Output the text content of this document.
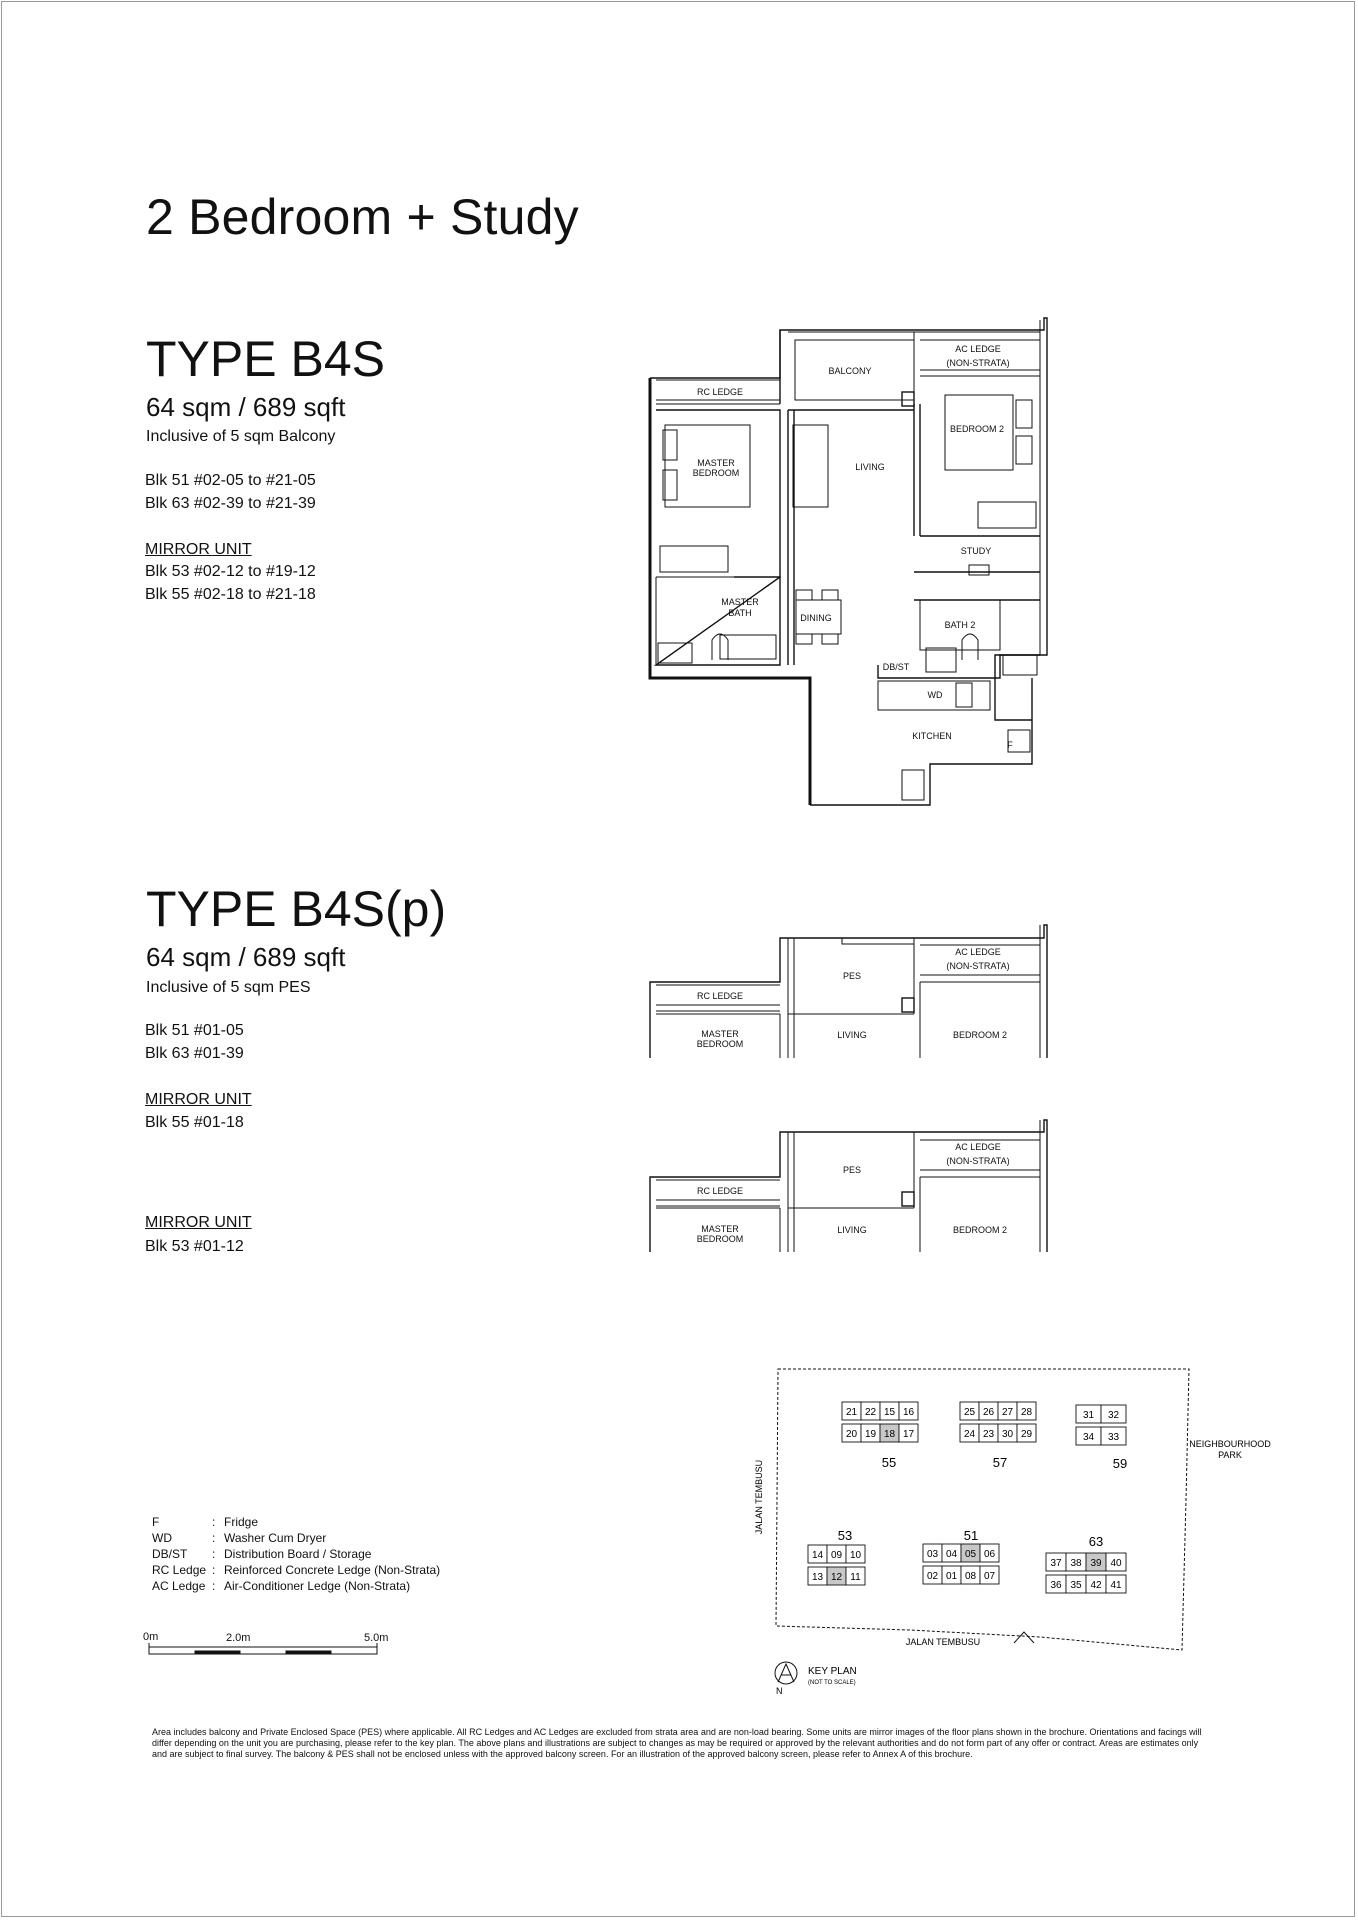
2 Bedroom + Study
TYPE B4S
64 sqm / 689 sqft
Inclusive of 5 sqm Balcony
Blk 51 #02-05 to #21-05
Blk 63 #02-39 to #21-39
MIRROR UNIT
Blk 53 #02-12 to #19-12
Blk 55 #02-18 to #21-18
TYPE B4S(p)
64 sqm / 689 sqft
Inclusive of 5 sqm PES
Blk 51 #01-05
Blk 63 #01-39
MIRROR UNIT
Blk 55 #01-18
MIRROR UNIT
Blk 53 #01-12
RC LEDGE
BALCONY
AC LEDGE
(NON-STRATA)
MASTER
BEDROOM
LIVING
BEDROOM 2
STUDY
MASTER
BATH	DINING
BATH 2
DB/ST
WD
KITCHEN
F
RC LEDGE
PES
AC LEDGE
(NON-STRATA)
MASTER
BEDROOM
LIVING	BEDROOM 2
RC LEDGE
PES
AC LEDGE
(NON-STRATA)
MASTER
BEDROOM
LIVING	BEDROOM 2
JALAN TEMBUSU
JALAN TEMBUSU
NEIGHBOURHOOD
PARK
21 22 15 16
20 19 18 17
55
25 26 27 28
24 23 30 29
57
31 32
34 33
59
14 09 10
13 12 11
53
03 04 05 06
02 01 08 07
51
37 38 39 40
36 35 42 41
63
N
KEY PLAN
(NOT TO SCALE)
0m	2.0m	5.0m
F	: Fridge
WD	: Washer Cum Dryer
DB/ST	: Distribution Board / Storage
RC Ledge : Reinforced Concrete Ledge (Non-Strata)
AC Ledge : Air-Conditioner Ledge (Non-Strata)
Area includes balcony and Private Enclosed Space (PES) where applicable. All RC Ledges and AC Ledges are excluded from strata area and are non-load bearing. Some units are mirror images of the floor plans shown in the brochure. Orientations and facings will differ depending on the unit you are purchasing, please refer to the key plan. The above plans and illustrations are subject to changes as may be required or approved by the relevant authorities and do not form part of any offer or contract. Areas are estimates only and are subject to final survey. The balcony & PES shall not be enclosed unless with the approved balcony screen. For an illustration of the approved balcony screen, please refer to Annex A of this brochure.
